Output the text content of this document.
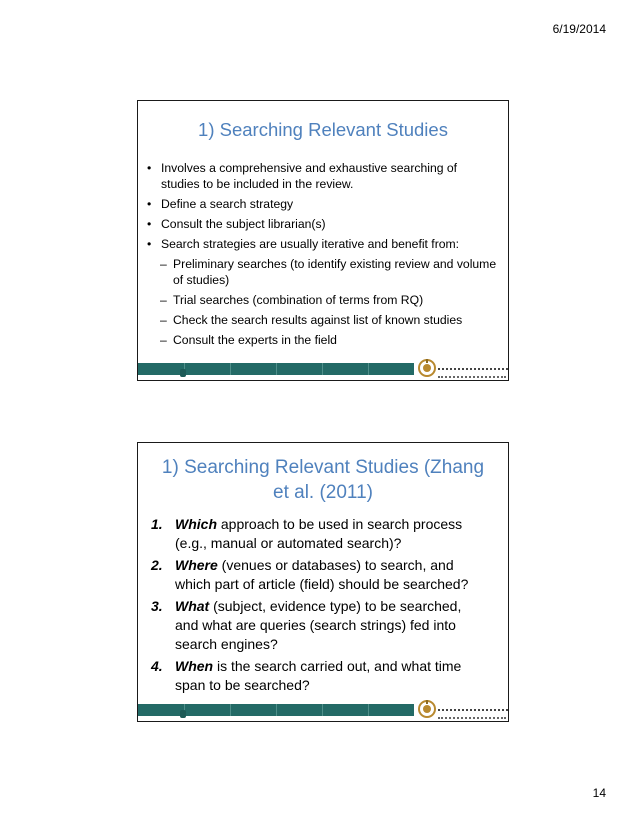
6/19/2014
1) Searching Relevant Studies
• Involves a comprehensive and exhaustive searching of studies to be included in the review.
• Define a search strategy
• Consult the subject librarian(s)
• Search strategies are usually iterative and benefit from:
– Preliminary searches (to identify existing review and volume of studies)
– Trial searches (combination of terms from RQ)
– Check the search results against list of known studies
– Consult the experts in the field
1) Searching Relevant Studies (Zhang et al. (2011)
1. Which approach to be used in search process (e.g., manual or automated search)?
2. Where (venues or databases) to search, and which part of article (field) should be searched?
3. What (subject, evidence type) to be searched, and what are queries (search strings) fed into search engines?
4. When is the search carried out, and what time span to be searched?
14
